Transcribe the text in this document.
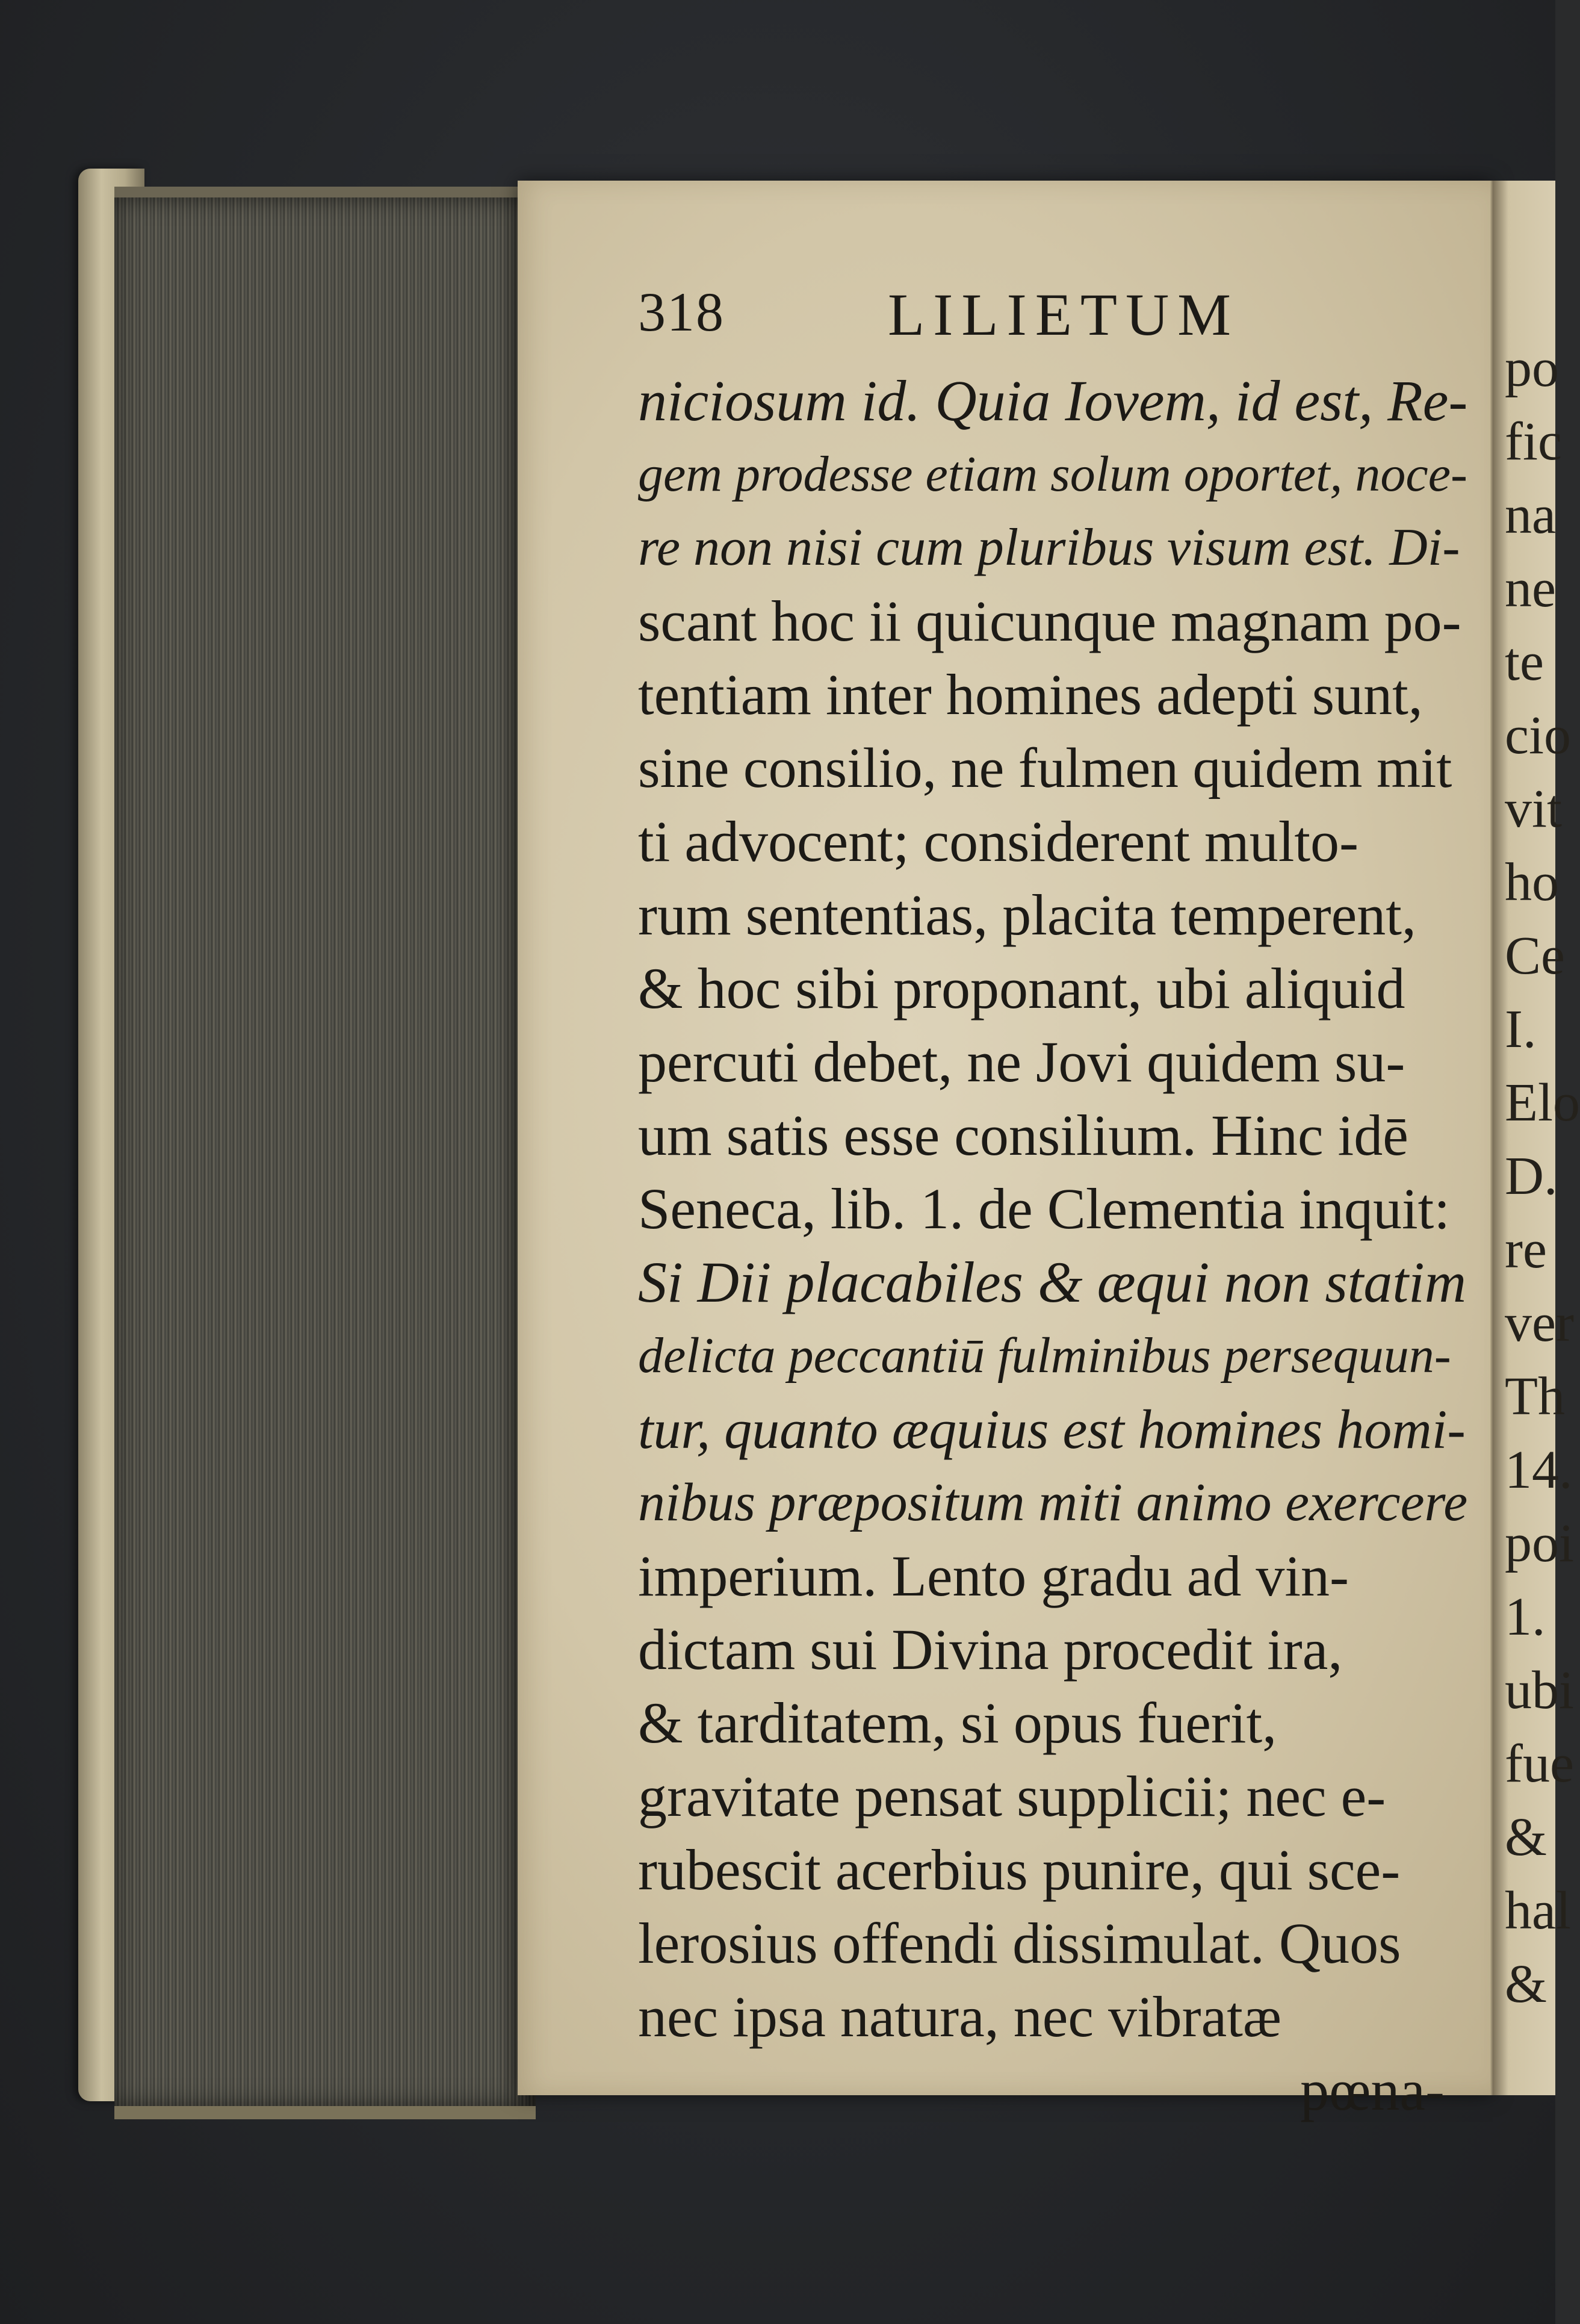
po
fic
na
ne
te
cio
vit
ho
Ce
I.
Elo
D.
re
ver
Th
14.
poi
1.
ubi
fue
&
hal
&
318	LILIETUM
niciosum id. Quia Iovem, id est, Re-
gem prodesse etiam solum oportet, noce-
re non nisi cum pluribus visum est. Di-
scant hoc ii quicunque magnam po-
tentiam inter homines adepti sunt,
sine consilio, ne fulmen quidem mit
ti advocent; considerent multo-
rum sententias, placita temperent,
& hoc sibi proponant, ubi aliquid
percuti debet, ne Jovi quidem su-
um satis esse consilium. Hinc idē
Seneca, lib. 1. de Clementia inquit:
Si Dii placabiles & æqui non statim
delicta peccantiū fulminibus persequun-
tur, quanto æquius est homines homi-
nibus præpositum miti animo exercere
imperium. Lento gradu ad vin-
dictam sui Divina procedit ira,
& tarditatem, si opus fuerit,
gravitate pensat supplicii; nec e-
rubescit acerbius punire, qui sce-
lerosius offendi dissimulat. Quos
nec ipsa natura, nec vibratæ
pœna-
